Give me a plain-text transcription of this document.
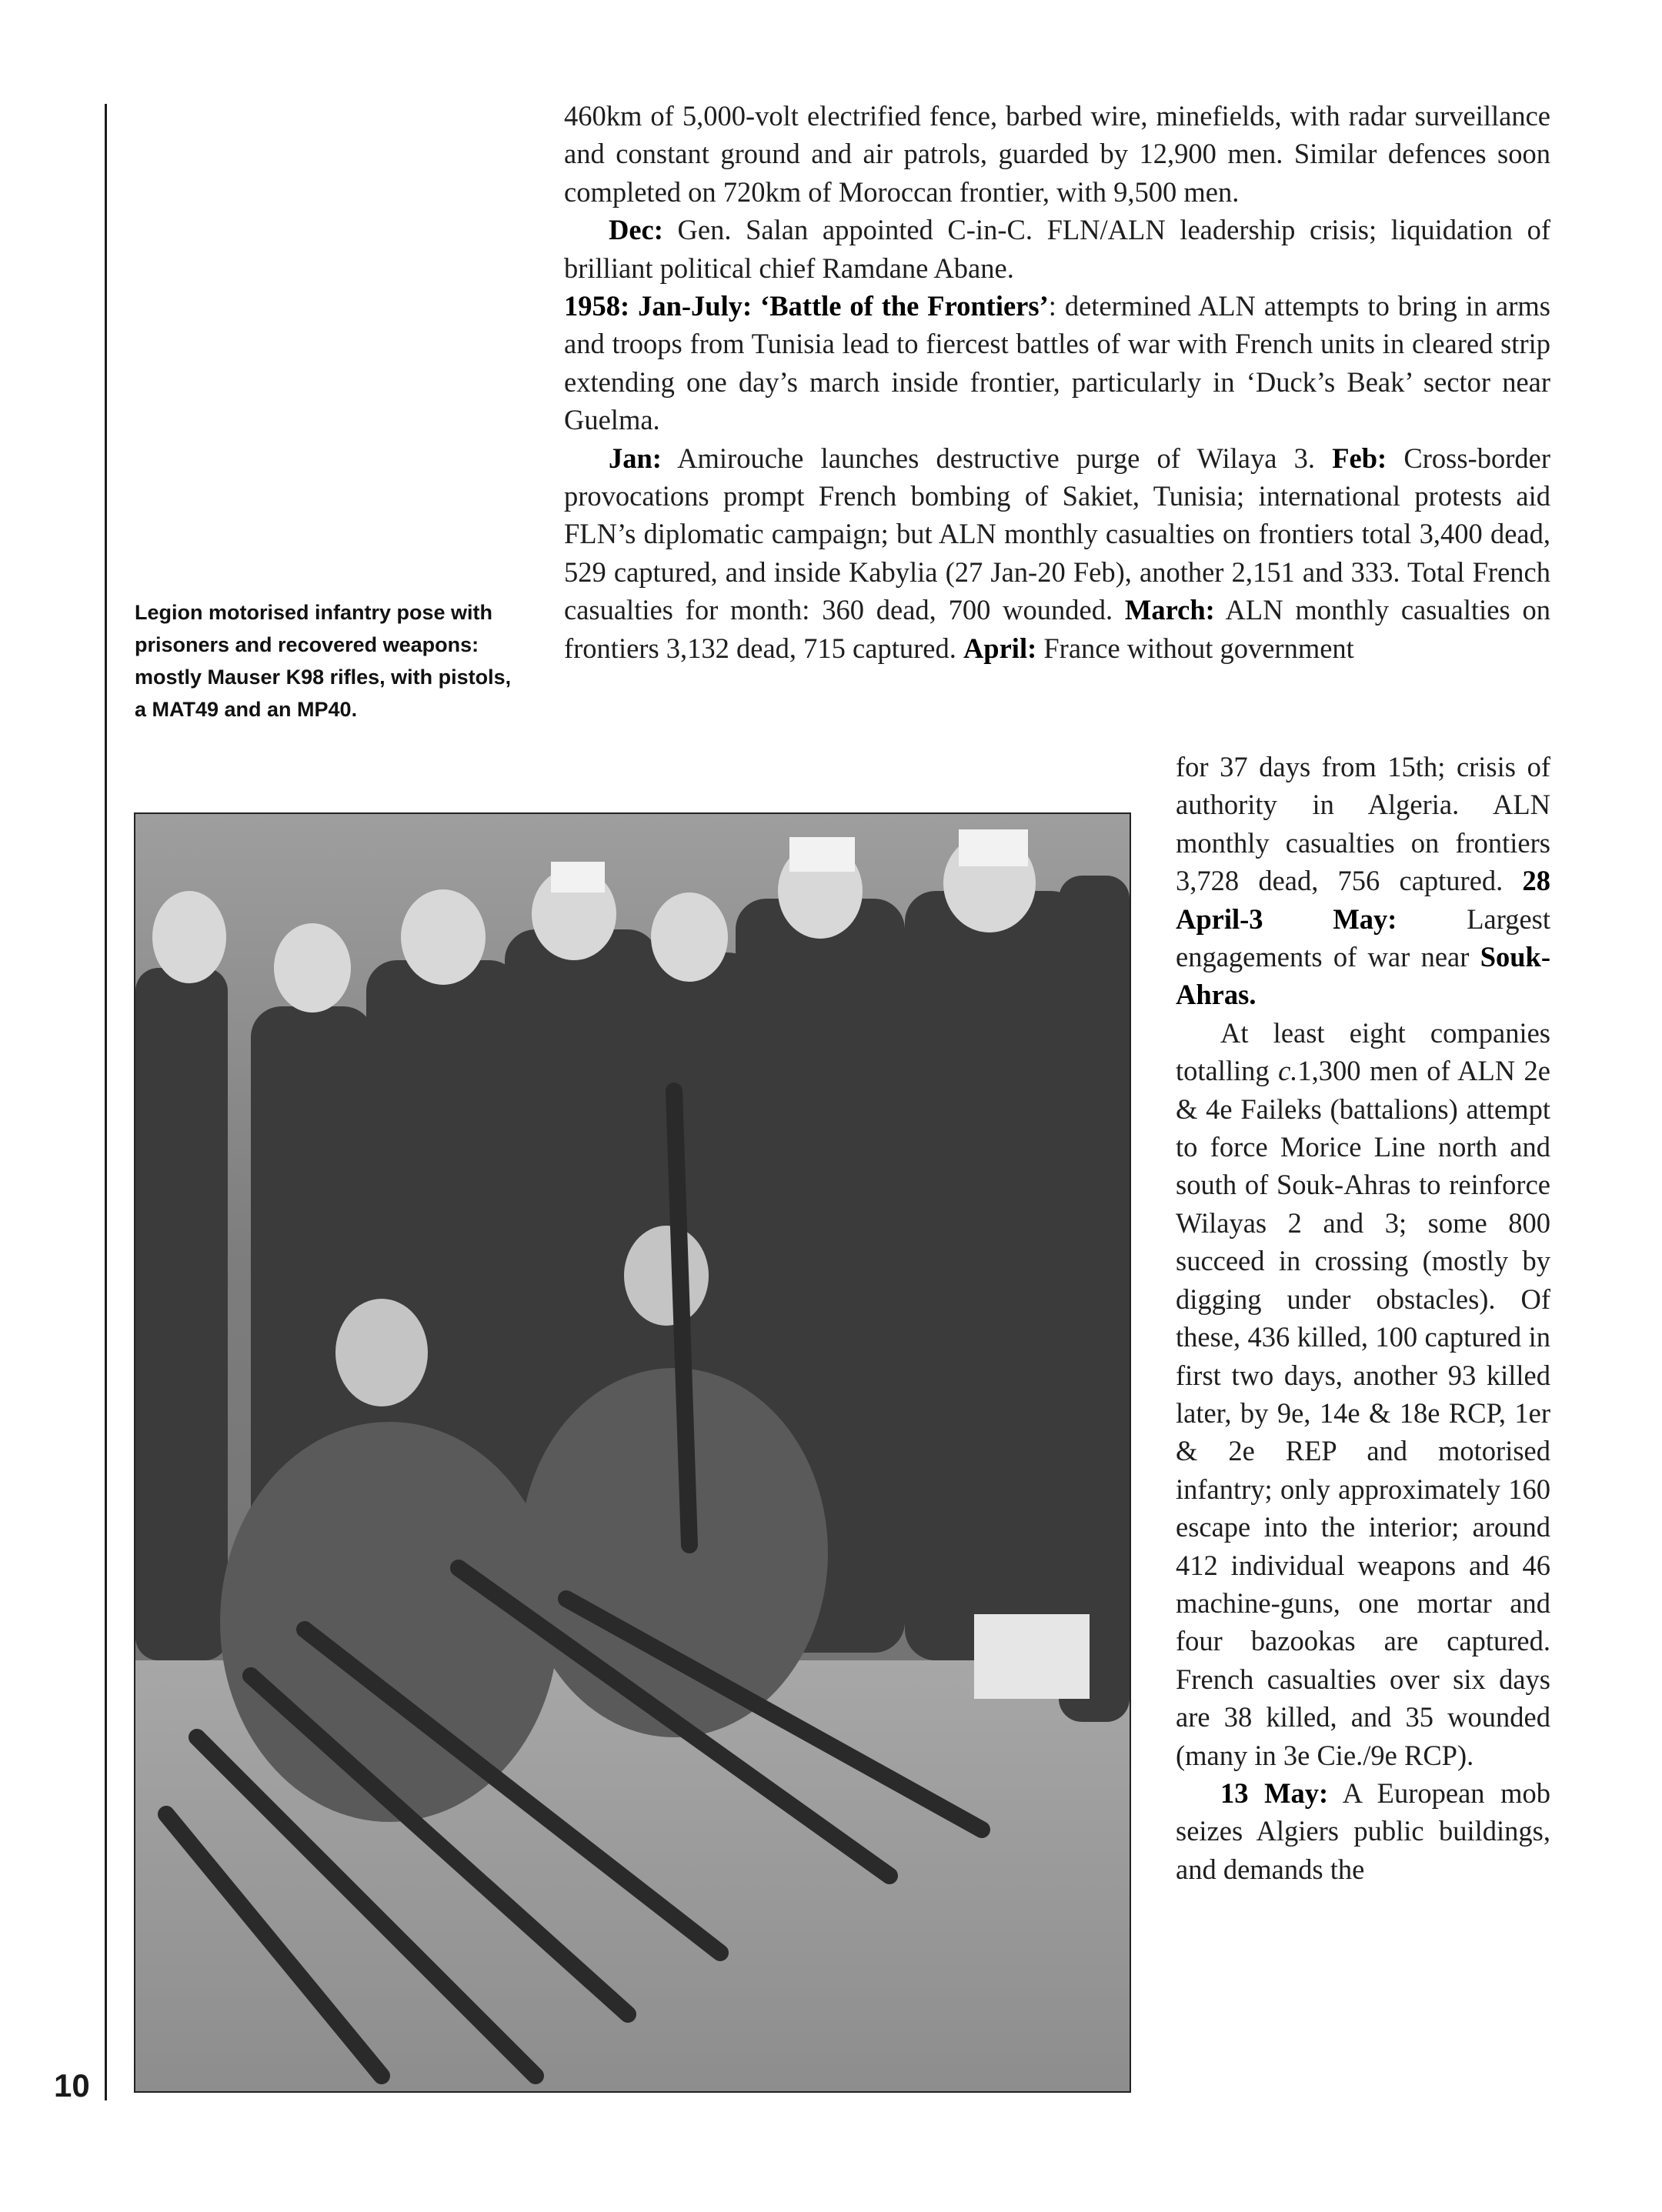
10
Legion motorised infantry pose with prisoners and recovered weapons: mostly Mauser K98 rifles, with pistols, a MAT49 and an MP40.

460km of 5,000-volt electrified fence, barbed wire, minefields, with radar surveillance and constant ground and air patrols, guarded by 12,900 men. Similar defences soon completed on 720km of Moroccan frontier, with 9,500 men.

Dec: Gen. Salan appointed C-in-C. FLN/ALN leadership crisis; liquidation of brilliant political chief Ramdane Abane.

1958: Jan-July: ‘Battle of the Frontiers’: determined ALN attempts to bring in arms and troops from Tunisia lead to fiercest battles of war with French units in cleared strip extending one day’s march inside frontier, particularly in ‘Duck’s Beak’ sector near Guelma.

Jan: Amirouche launches destructive purge of Wilaya 3. Feb: Cross-border provocations prompt French bombing of Sakiet, Tunisia; international protests aid FLN’s diplomatic campaign; but ALN monthly casualties on frontiers total 3,400 dead, 529 captured, and inside Kabylia (27 Jan-20 Feb), another 2,151 and 333. Total French casualties for month: 360 dead, 700 wounded. March: ALN monthly casualties on frontiers 3,132 dead, 715 captured. April: France without government

for 37 days from 15th; crisis of authority in Algeria. ALN monthly casualties on frontiers 3,728 dead, 756 captured. 28 April-3 May: Largest engagements of war near Souk-Ahras.

At least eight companies totalling c.1,300 men of ALN 2e & 4e Faileks (battalions) attempt to force Morice Line north and south of Souk-Ahras to reinforce Wilayas 2 and 3; some 800 succeed in crossing (mostly by digging under obstacles). Of these, 436 killed, 100 captured in first two days, another 93 killed later, by 9e, 14e & 18e RCP, 1er & 2e REP and motorised infantry; only approximately 160 escape into the interior; around 412 individual weapons and 46 machine-guns, one mortar and four bazookas are captured. French casualties over six days are 38 killed, and 35 wounded (many in 3e Cie./9e RCP).

13 May: A European mob seizes Algiers public buildings, and demands the
